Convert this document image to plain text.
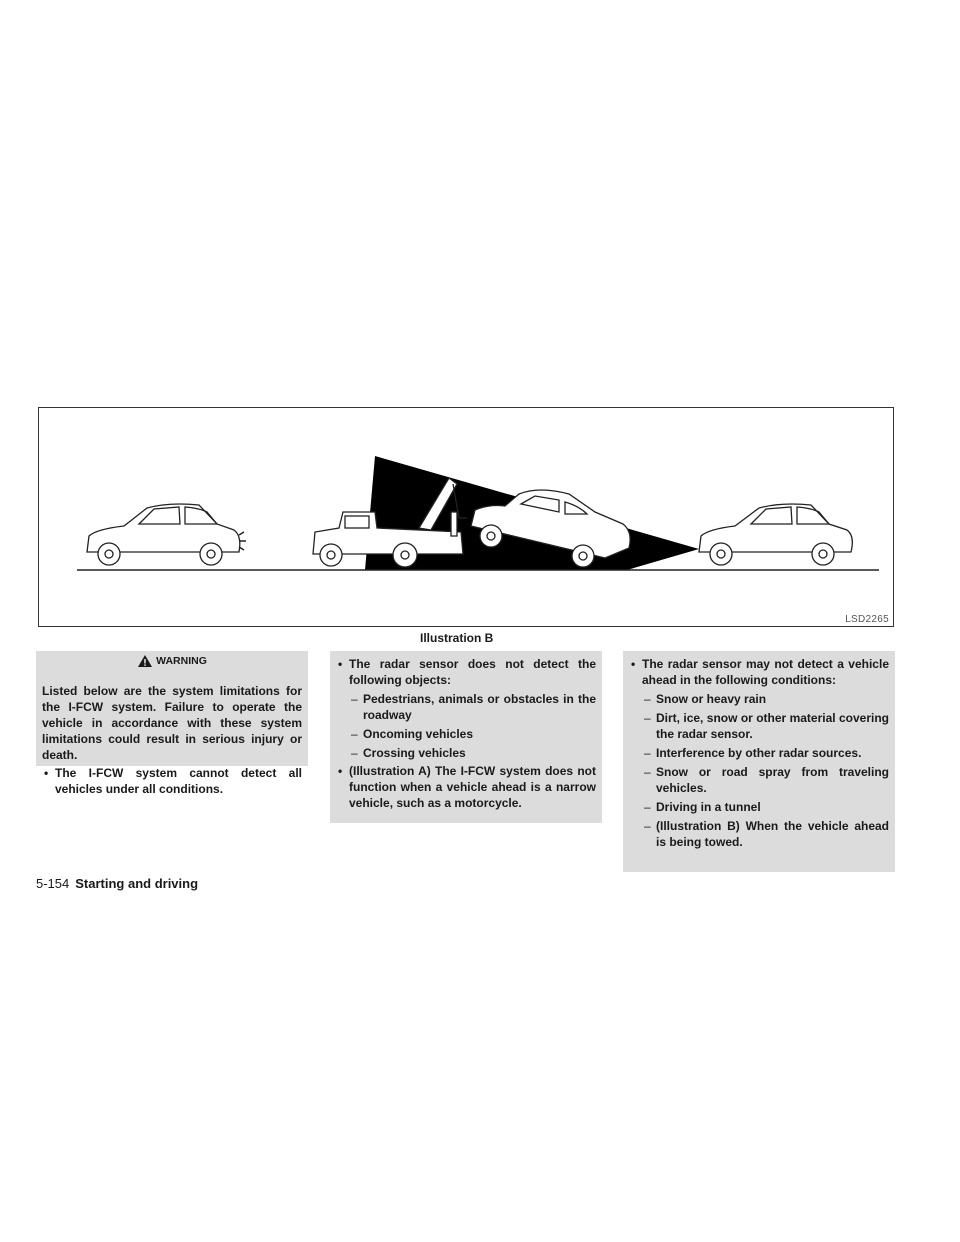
LSD2265
Illustration B
WARNING
Listed below are the system limitations for the I-FCW system. Failure to operate the vehicle in accordance with these system limitations could result in serious injury or death.
• The I-FCW system cannot detect all vehicles under all conditions.
• The radar sensor does not detect the following objects:
– Pedestrians, animals or obstacles in the roadway
– Oncoming vehicles
– Crossing vehicles
• (Illustration A) The I-FCW system does not function when a vehicle ahead is a narrow vehicle, such as a motorcycle.
• The radar sensor may not detect a vehicle ahead in the following conditions:
– Snow or heavy rain
– Dirt, ice, snow or other material covering the radar sensor.
– Interference by other radar sources.
– Snow or road spray from traveling vehicles.
– Driving in a tunnel
– (Illustration B) When the vehicle ahead is being towed.
5-154 Starting and driving
